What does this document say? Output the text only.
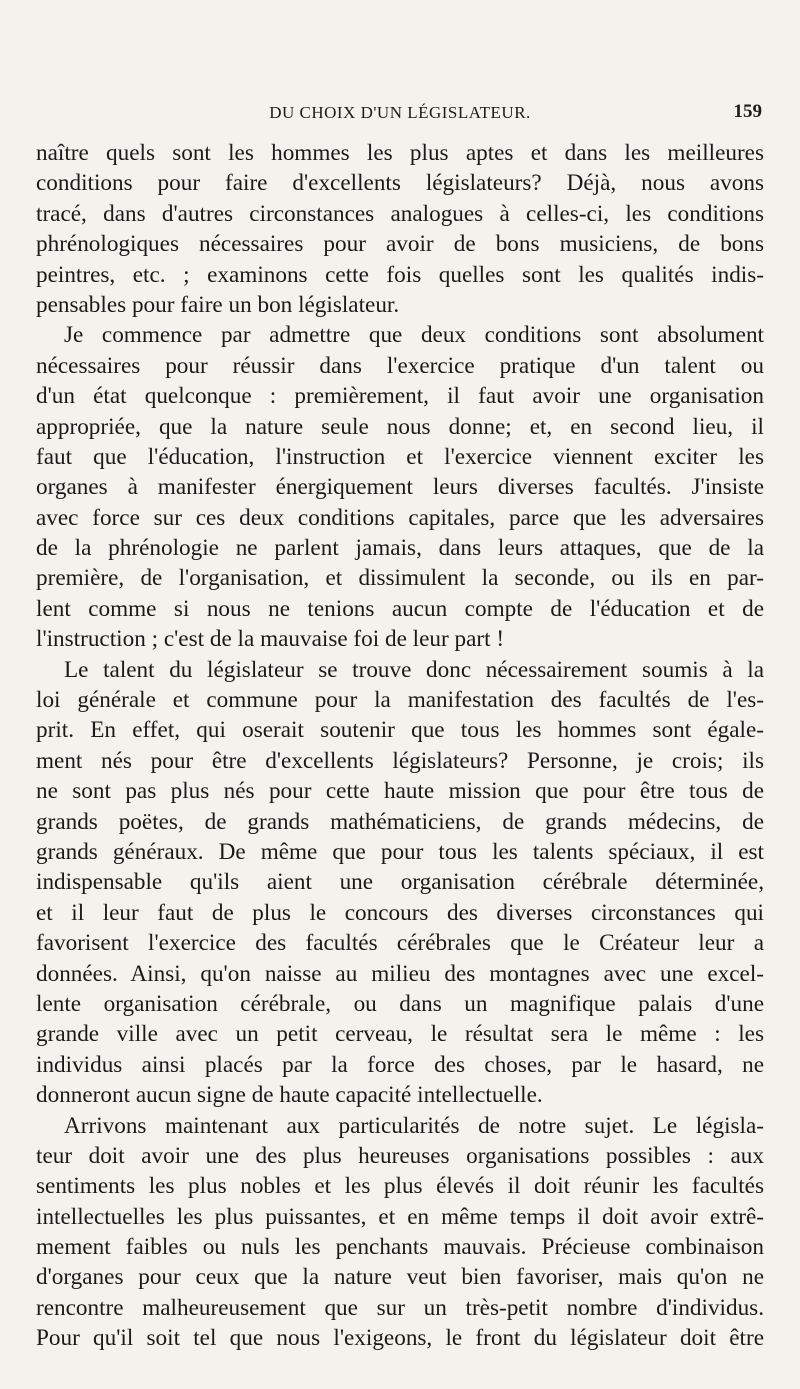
DU CHOIX D'UN LÉGISLATEUR.	159
naître quels sont les hommes les plus aptes et dans les meilleures
conditions pour faire d'excellents législateurs? Déjà, nous avons
tracé, dans d'autres circonstances analogues à celles-ci, les conditions
phrénologiques nécessaires pour avoir de bons musiciens, de bons
peintres, etc. ; examinons cette fois quelles sont les qualités indis-
pensables pour faire un bon législateur.
Je commence par admettre que deux conditions sont absolument
nécessaires pour réussir dans l'exercice pratique d'un talent ou
d'un état quelconque : premièrement, il faut avoir une organisation
appropriée, que la nature seule nous donne; et, en second lieu, il
faut que l'éducation, l'instruction et l'exercice viennent exciter les
organes à manifester énergiquement leurs diverses facultés. J'insiste
avec force sur ces deux conditions capitales, parce que les adversaires
de la phrénologie ne parlent jamais, dans leurs attaques, que de la
première, de l'organisation, et dissimulent la seconde, ou ils en par-
lent comme si nous ne tenions aucun compte de l'éducation et de
l'instruction ; c'est de la mauvaise foi de leur part !
Le talent du législateur se trouve donc nécessairement soumis à la
loi générale et commune pour la manifestation des facultés de l'es-
prit. En effet, qui oserait soutenir que tous les hommes sont égale-
ment nés pour être d'excellents législateurs? Personne, je crois; ils
ne sont pas plus nés pour cette haute mission que pour être tous de
grands poëtes, de grands mathématiciens, de grands médecins, de
grands généraux. De même que pour tous les talents spéciaux, il est
indispensable qu'ils aient une organisation cérébrale déterminée,
et il leur faut de plus le concours des diverses circonstances qui
favorisent l'exercice des facultés cérébrales que le Créateur leur a
données. Ainsi, qu'on naisse au milieu des montagnes avec une excel-
lente organisation cérébrale, ou dans un magnifique palais d'une
grande ville avec un petit cerveau, le résultat sera le même : les
individus ainsi placés par la force des choses, par le hasard, ne
donneront aucun signe de haute capacité intellectuelle.
Arrivons maintenant aux particularités de notre sujet. Le législa-
teur doit avoir une des plus heureuses organisations possibles : aux
sentiments les plus nobles et les plus élevés il doit réunir les facultés
intellectuelles les plus puissantes, et en même temps il doit avoir extrê-
mement faibles ou nuls les penchants mauvais. Précieuse combinaison
d'organes pour ceux que la nature veut bien favoriser, mais qu'on ne
rencontre malheureusement que sur un très-petit nombre d'individus.
Pour qu'il soit tel que nous l'exigeons, le front du législateur doit être
